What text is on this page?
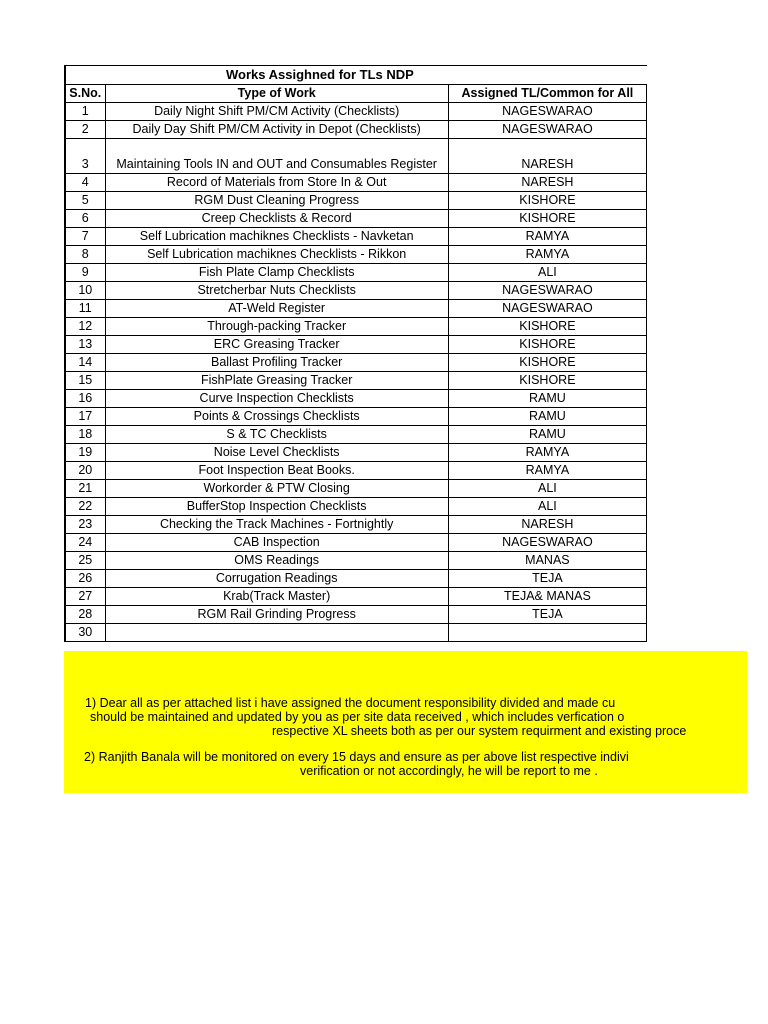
Works Assighned for TLs NDP		
S.No.	Type of Work	Assigned TL/Common for All
1	Daily Night Shift PM/CM Activity (Checklists)	NAGESWARAO
2	Daily Day Shift PM/CM Activity in Depot (Checklists)	NAGESWARAO
3	Maintaining Tools IN and OUT and Consumables Register	NARESH
4	Record of Materials from Store In & Out	NARESH
5	RGM Dust Cleaning Progress	KISHORE
6	Creep Checklists & Record	KISHORE
7	Self Lubrication machiknes Checklists - Navketan	RAMYA
8	Self Lubrication machiknes Checklists - Rikkon	RAMYA
9	Fish Plate Clamp Checklists	ALI
10	Stretcherbar Nuts Checklists	NAGESWARAO
11	AT-Weld Register	NAGESWARAO
12	Through-packing Tracker	KISHORE
13	ERC Greasing Tracker	KISHORE
14	Ballast Profiling Tracker	KISHORE
15	FishPlate Greasing Tracker	KISHORE
16	Curve Inspection Checklists	RAMU
17	Points & Crossings Checklists	RAMU
18	S & TC Checklists	RAMU
19	Noise Level Checklists	RAMYA
20	Foot Inspection Beat Books.	RAMYA
21	Workorder & PTW Closing	ALI
22	BufferStop Inspection Checklists	ALI
23	Checking the Track Machines - Fortnightly	NARESH
24	CAB Inspection	NAGESWARAO
25	OMS Readings	MANAS
26	Corrugation Readings	TEJA
27	Krab(Track Master)	TEJA& MANAS
28	RGM Rail Grinding Progress	TEJA
30		
1) Dear all as per attached list i have assigned the document responsibility divided and made cu
should be maintained and updated by you as per site data received , which includes verfication o
respective XL sheets both as per our system requirment and existing proce
2) Ranjith Banala will be monitored on every 15 days and ensure as per above list respective indivi
verification or not accordingly, he will be report to me .
